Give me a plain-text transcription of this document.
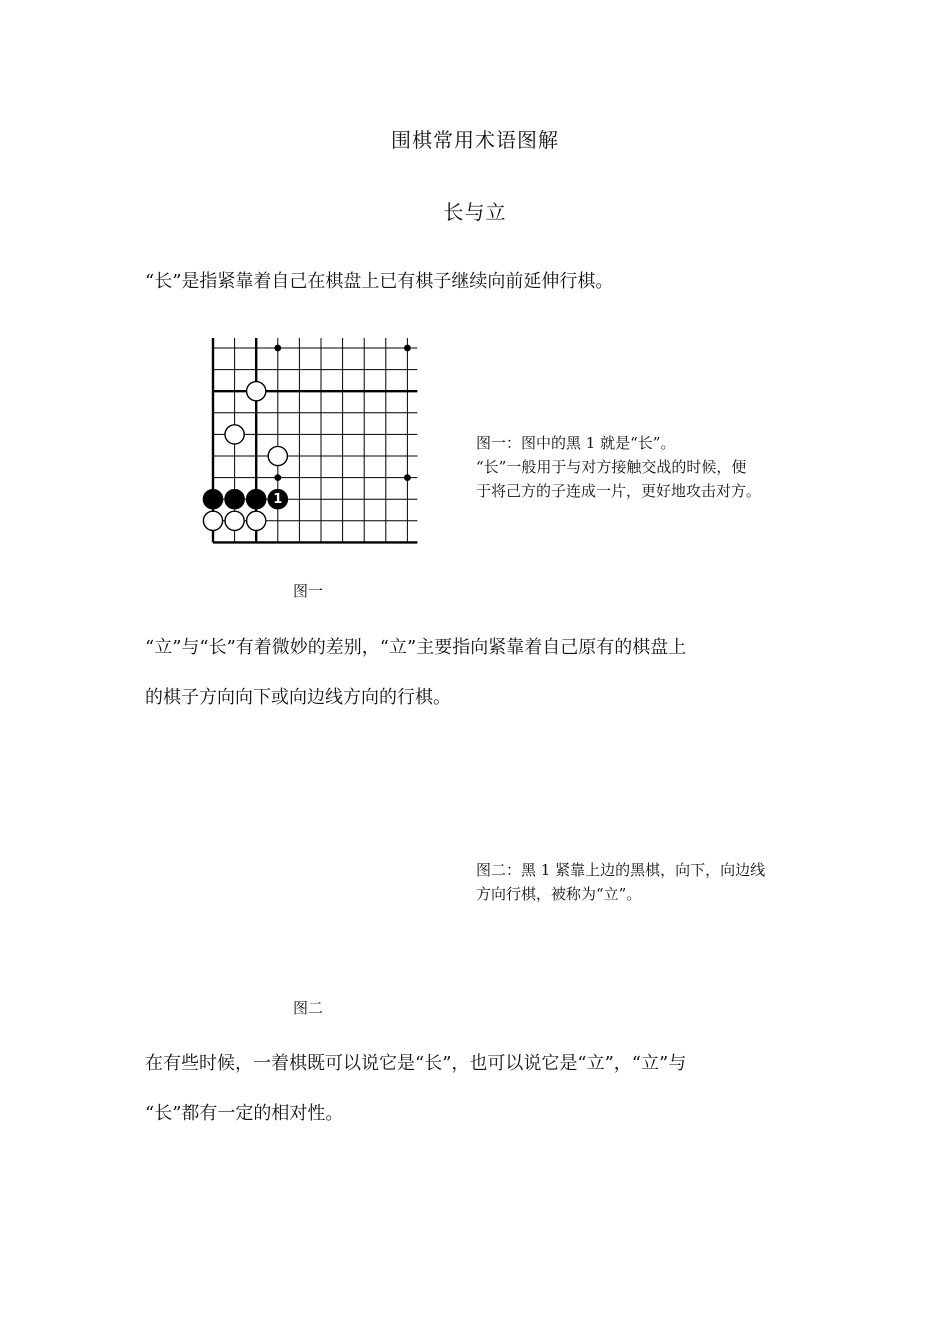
围棋常用术语图解
长与立
“长”是指紧靠着自己在棋盘上已有棋子继续向前延伸行棋。
1
图一：图中的黑 1 就是“长”。
“长”一般用于与对方接触交战的时候，便
于将己方的子连成一片，更好地攻击对方。
图一
“立”与“长”有着微妙的差别，“立”主要指向紧靠着自己原有的棋盘上
的棋子方向向下或向边线方向的行棋。
图二：黑 1 紧靠上边的黑棋，向下，向边线
方向行棋，被称为“立”。
图二
在有些时候，一着棋既可以说它是“长”，也可以说它是“立”，“立”与
“长”都有一定的相对性。
